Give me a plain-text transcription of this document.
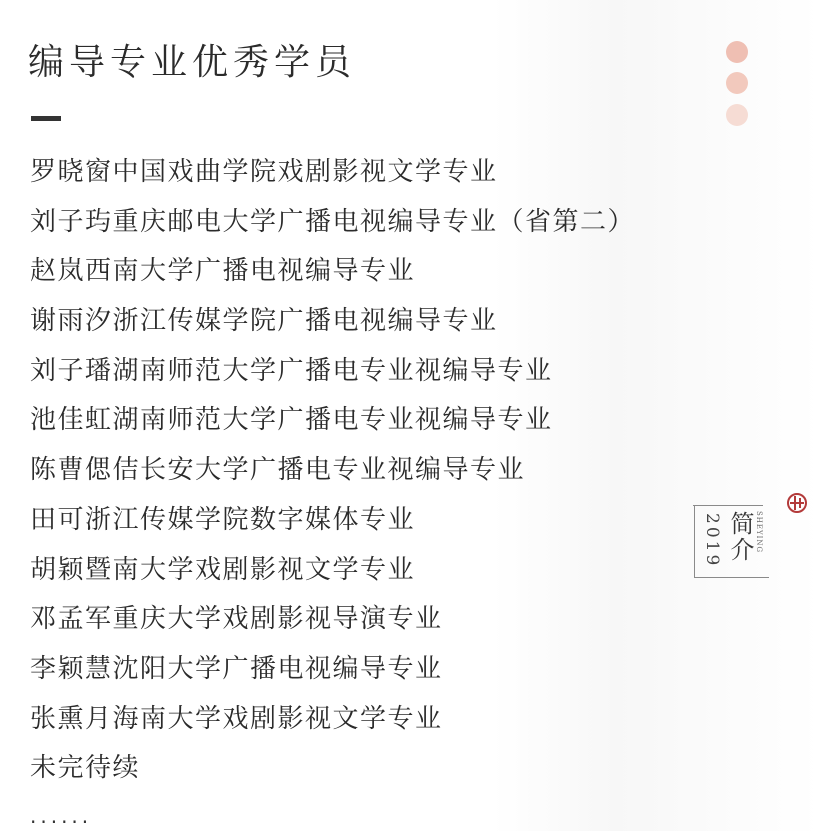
编导专业优秀学员
罗晓窗中国戏曲学院戏剧影视文学专业
刘子玙重庆邮电大学广播电视编导专业（省第二）
赵岚西南大学广播电视编导专业
谢雨汐浙江传媒学院广播电视编导专业
刘子璠湖南师范大学广播电专业视编导专业
池佳虹湖南师范大学广播电专业视编导专业
陈曹偲佶长安大学广播电专业视编导专业
田可浙江传媒学院数字媒体专业
胡颖暨南大学戏剧影视文学专业
邓孟军重庆大学戏剧影视导演专业
李颖慧沈阳大学广播电视编导专业
张熏月海南大学戏剧影视文学专业
未完待续
......
2019 简介 SHEYING
